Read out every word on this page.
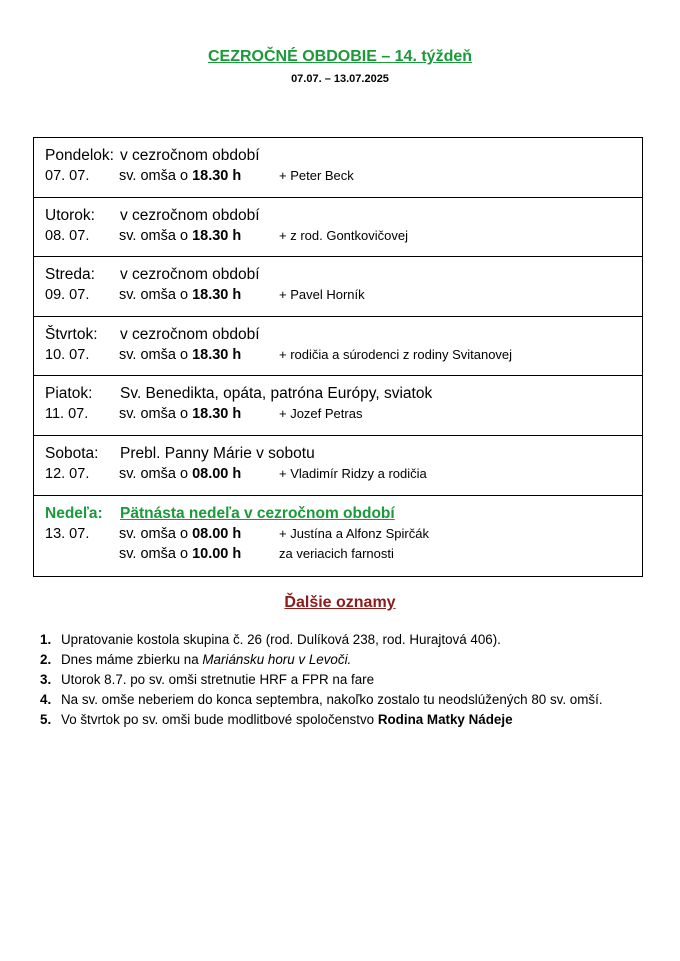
CEZROČNÉ OBDOBIE – 14. týždeň
07.07. – 13.07.2025
Pondelok: v cezročnom období
07. 07. sv. omša o 18.30 h	+ Peter Beck
Utorok: v cezročnom období
08. 07. sv. omša o 18.30 h	+ z rod. Gontkovičovej
Streda: v cezročnom období
09. 07. sv. omša o 18.30 h	+ Pavel Horník
Štvrtok: v cezročnom období
10. 07. sv. omša o 18.30 h	+ rodičia a súrodenci z rodiny Svitanovej
Piatok: Sv. Benedikta, opáta, patróna Európy, sviatok
11. 07. sv. omša o 18.30 h	+ Jozef Petras
Sobota: Prebl. Panny Márie v sobotu
12. 07. sv. omša o 08.00 h	+ Vladimír Ridzy a rodičia
Nedeľa: Pätnásta nedeľa v cezročnom období
13. 07. sv. omša o 08.00 h	+ Justína a Alfonz Spirčák
sv. omša o 10.00 h	za veriacich farnosti
Ďalšie oznamy
1 . Upratovanie kostola skupina č. 26 (rod. Dulíková 238, rod. Hurajtová 406).
2 . Dnes máme zbierku na Mariánsku horu v Levoči.
3 . Utorok 8.7. po sv. omši stretnutie HRF a FPR na fare
4 . Na sv. omše neberiem do konca septembra, nakoľko zostalo tu neodslúžených 80 sv. omší.
5 . Vo štvrtok po sv. omši bude modlitbové spoločenstvo Rodina Matky Nádeje
